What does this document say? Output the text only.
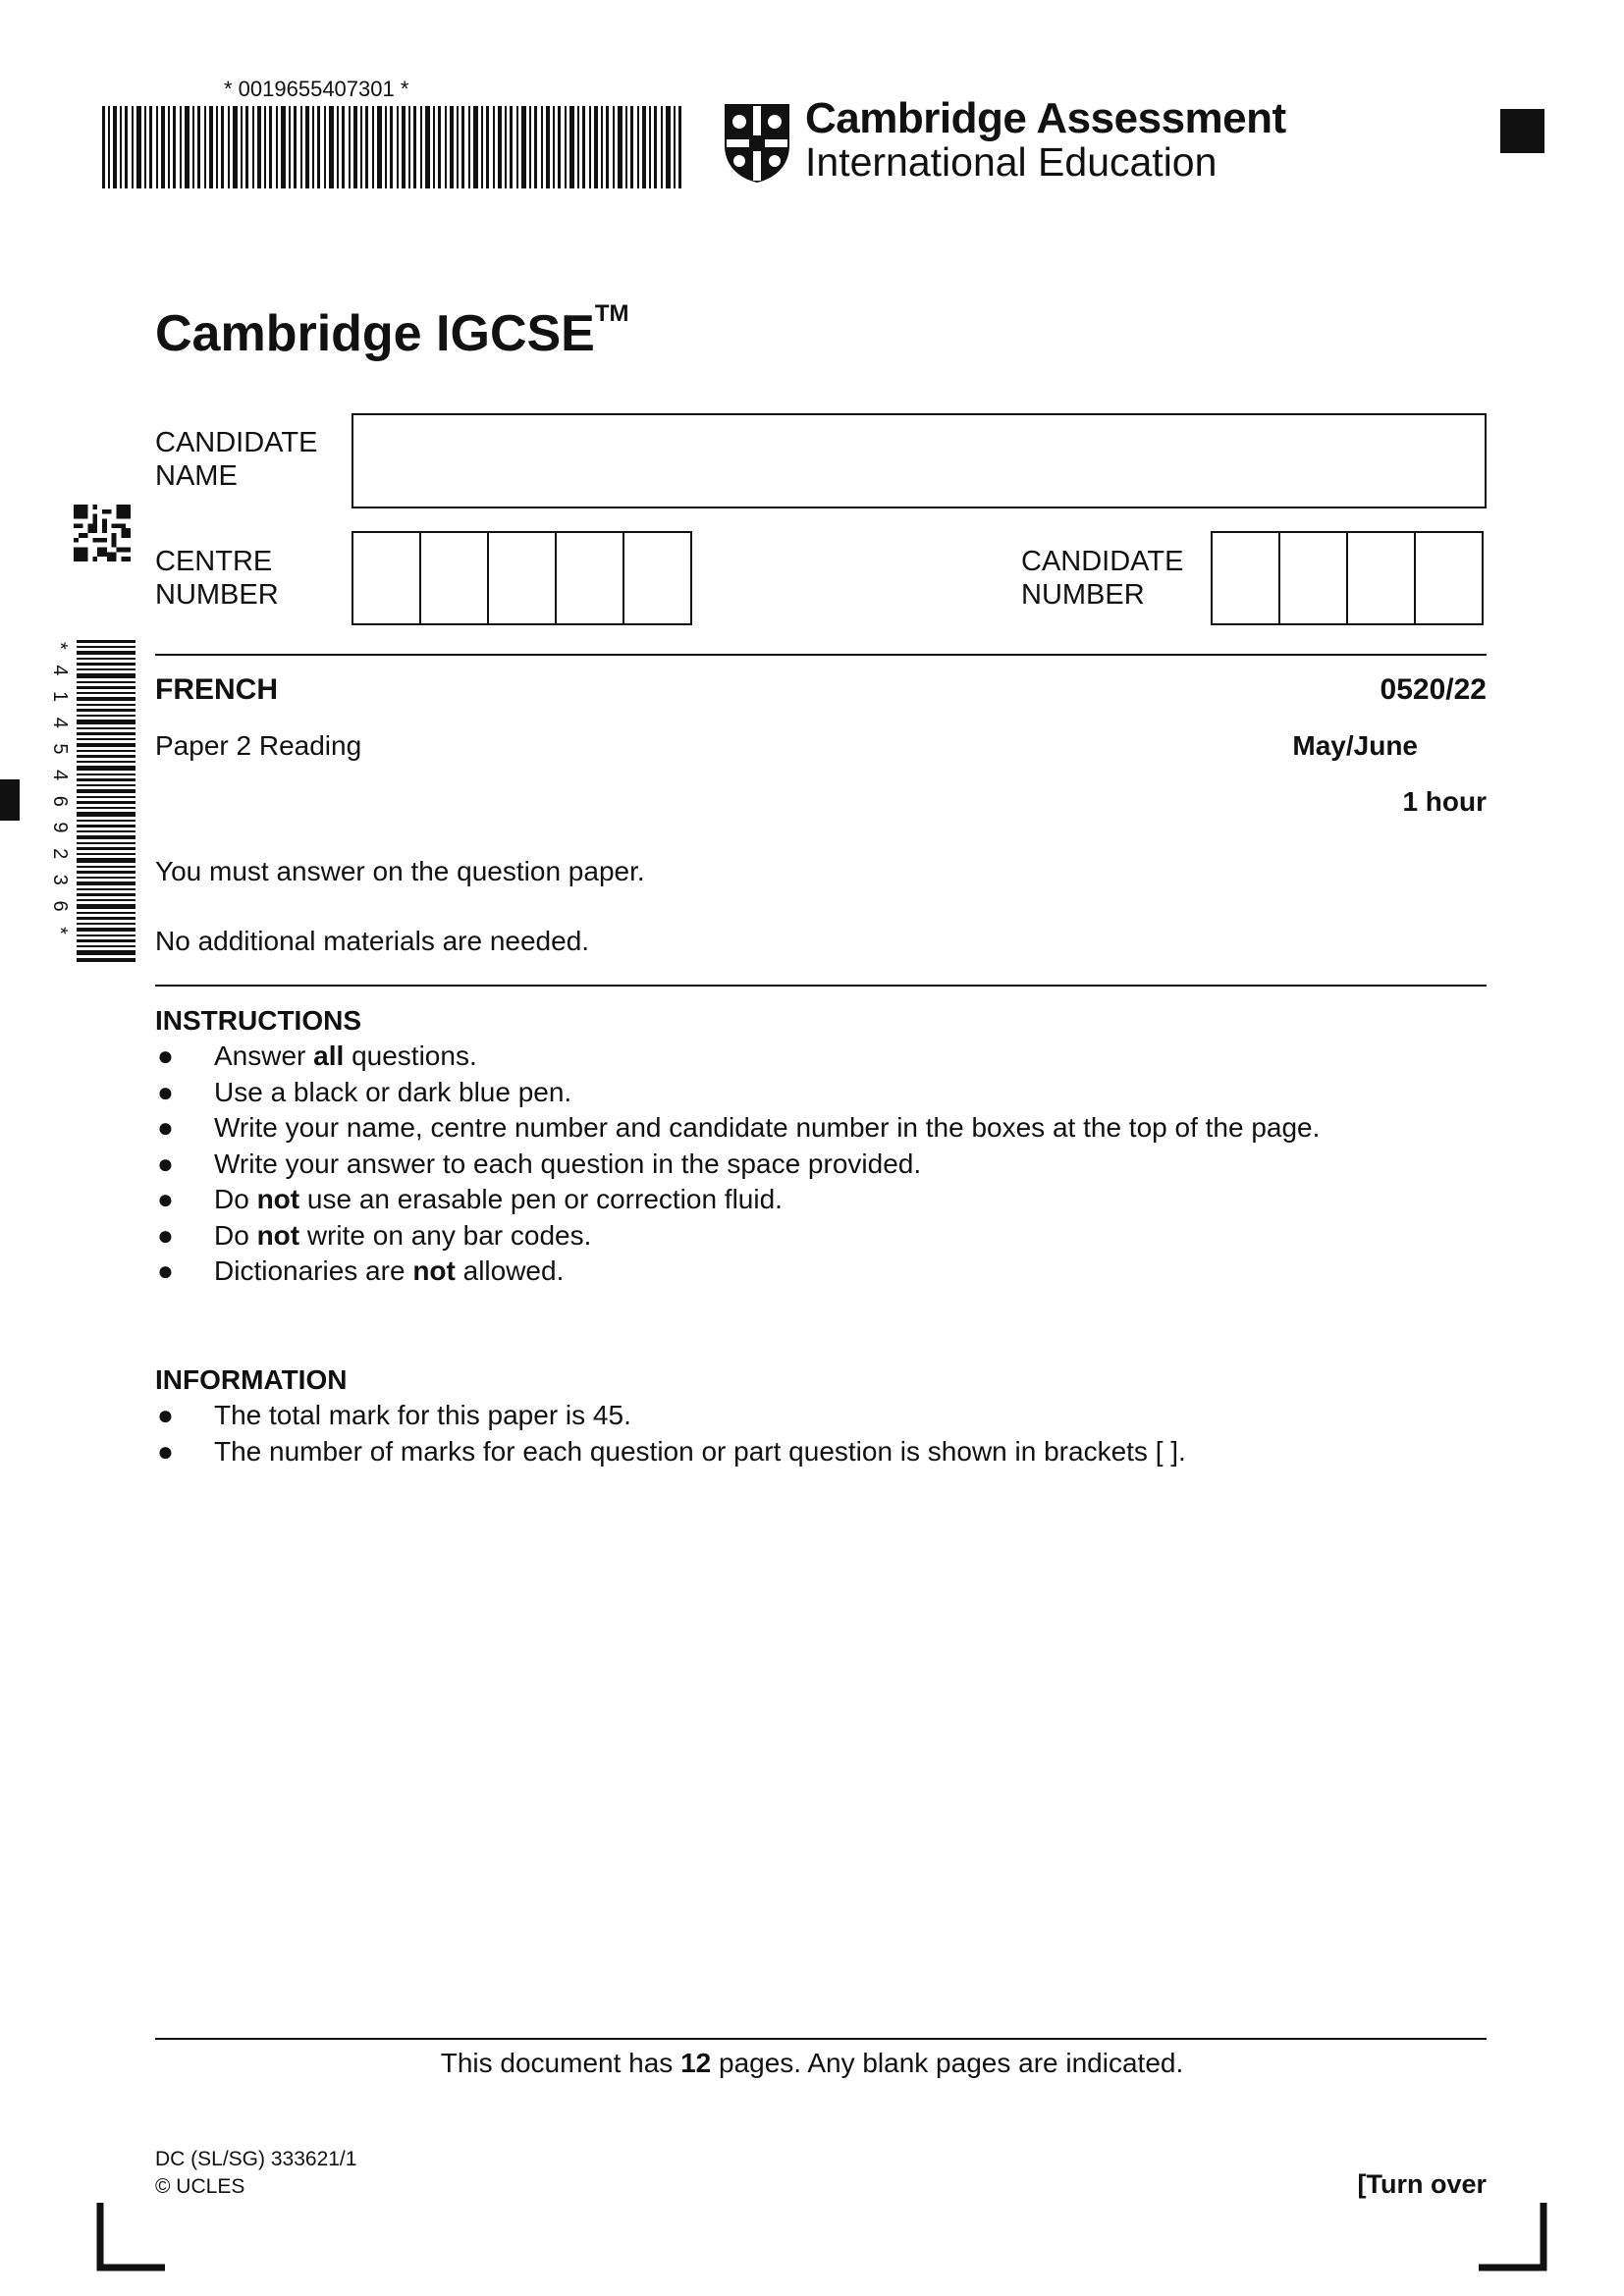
* 0019655407301 *
Cambridge Assessment
International Education
Cambridge IGCSE™
CANDIDATE
NAME
CENTRE
NUMBER
CANDIDATE
NUMBER
* 4 1 4 5 4 6 9 2 3 6 *	FRENCH	0520/22
Paper 2 Reading	May/June
1 hour
You must answer on the question paper.
No additional materials are needed.
INSTRUCTIONS
● Answer all questions.
● Use a black or dark blue pen.
● Write your name, centre number and candidate number in the boxes at the top of the page.
● Write your answer to each question in the space provided.
● Do not use an erasable pen or correction fluid.
● Do not write on any bar codes.
● Dictionaries are not allowed.
INFORMATION
● The total mark for this paper is 45.
● The number of marks for each question or part question is shown in brackets [ ].
This document has 12 pages. Any blank pages are indicated.
DC (SL/SG) 333621/1
© UCLES	[Turn over
